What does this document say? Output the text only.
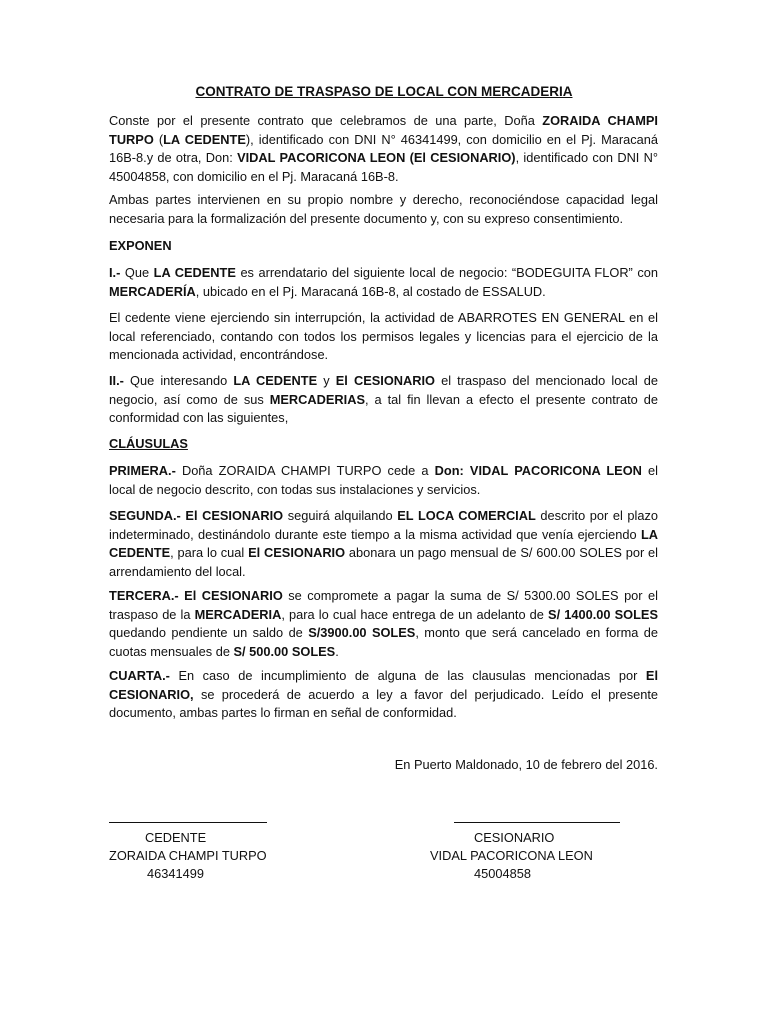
CONTRATO DE TRASPASO DE LOCAL CON MERCADERIA
Conste por el presente contrato que celebramos de una parte, Doña ZORAIDA CHAMPI TURPO (LA CEDENTE), identificado con DNI N° 46341499, con domicilio en el Pj. Maracaná 16B-8.y de otra, Don: VIDAL PACORICONA LEON (El CESIONARIO), identificado con DNI N° 45004858, con domicilio en el Pj. Maracaná 16B-8.
Ambas partes intervienen en su propio nombre y derecho, reconociéndose capacidad legal necesaria para la formalización del presente documento y, con su expreso consentimiento.
EXPONEN
I.- Que LA CEDENTE es arrendatario del siguiente local de negocio: “BODEGUITA FLOR” con MERCADERÍA, ubicado en el Pj. Maracaná 16B-8, al costado de ESSALUD.
El cedente viene ejerciendo sin interrupción, la actividad de ABARROTES EN GENERAL en el local referenciado, contando con todos los permisos legales y licencias para el ejercicio de la mencionada actividad, encontrándose.
II.- Que interesando LA CEDENTE y El CESIONARIO el traspaso del mencionado local de negocio, así como de sus MERCADERIAS, a tal fin llevan a efecto el presente contrato de conformidad con las siguientes,
CLÁUSULAS
PRIMERA.- Doña ZORAIDA CHAMPI TURPO cede a Don: VIDAL PACORICONA LEON el local de negocio descrito, con todas sus instalaciones y servicios.
SEGUNDA.- El CESIONARIO seguirá alquilando EL LOCA COMERCIAL descrito por el plazo indeterminado, destinándolo durante este tiempo a la misma actividad que venía ejerciendo LA CEDENTE, para lo cual El CESIONARIO abonara un pago mensual de S/ 600.00 SOLES por el arrendamiento del local.
TERCERA.- El CESIONARIO se compromete a pagar la suma de S/ 5300.00 SOLES por el traspaso de la MERCADERIA, para lo cual hace entrega de un adelanto de S/ 1400.00 SOLES quedando pendiente un saldo de S/3900.00 SOLES, monto que será cancelado en forma de cuotas mensuales de S/ 500.00 SOLES.
CUARTA.- En caso de incumplimiento de alguna de las clausulas mencionadas por El CESIONARIO, se procederá de acuerdo a ley a favor del perjudicado. Leído el presente documento, ambas partes lo firman en señal de conformidad.
En Puerto Maldonado, 10 de febrero del 2016.
CEDENTE
ZORAIDA CHAMPI TURPO
46341499
CESIONARIO
VIDAL PACORICONA LEON
45004858
